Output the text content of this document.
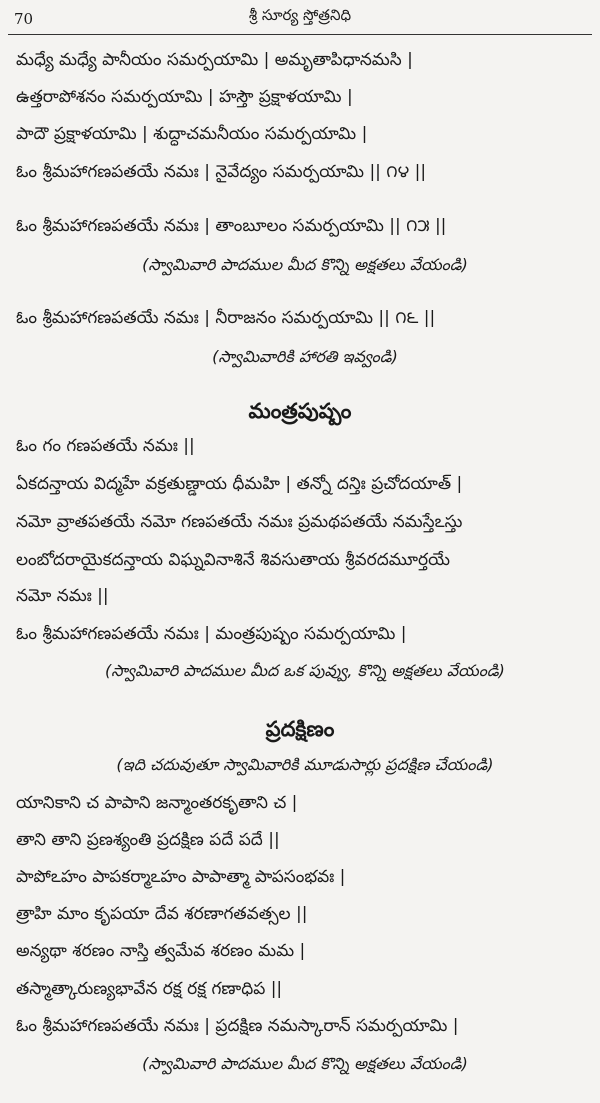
70	శ్రీ సూర్య స్తోత్రనిధి
మధ్యే మధ్యే పానీయం సమర్పయామి | అమృతాపిధానమసి |
ఉత్తరాపోశనం సమర్పయామి | హస్తౌ ప్రక్షాళయామి |
పాదౌ ప్రక్షాళయామి | శుద్ధాచమనీయం సమర్పయామి |
ఓం శ్రీమహాగణపతయే నమః | నైవేద్యం సమర్పయామి || ౧౪ ||
ఓం శ్రీమహాగణపతయే నమః | తాంబూలం సమర్పయామి || ౧౫ ||
(స్వామివారి పాదముల మీద కొన్ని అక్షతలు వేయండి)
ఓం శ్రీమహాగణపతయే నమః | నీరాజనం సమర్పయామి || ౧౬ ||
(స్వామివారికి హారతి ఇవ్వండి)
మంత్రపుష్పం
ఓం గం గణపతయే నమః ||
ఏకదన్తాయ విద్మహే వక్రతుణ్డాయ ధీమహి | తన్నో దన్తిః ప్రచోదయాత్ |
నమో వ్రాతపతయే నమో గణపతయే నమః ప్రమథపతయే నమస్తేఽస్తు
లంబోదరాయైకదన్తాయ విఘ్నవినాశినే శివసుతాయ శ్రీవరదమూర్తయే
నమో నమః ||
ఓం శ్రీమహాగణపతయే నమః | మంత్రపుష్పం సమర్పయామి |
(స్వామివారి పాదముల మీద ఒక పువ్వు, కొన్ని అక్షతలు వేయండి)
ప్రదక్షిణం
(ఇది చదువుతూ స్వామివారికి మూడుసార్లు ప్రదక్షిణ చేయండి)
యానికాని చ పాపాని జన్మాంతరకృతాని చ |
తాని తాని ప్రణశ్యంతి ప్రదక్షిణ పదే పదే ||
పాపోఽహం పాపకర్మాఽహం పాపాత్మా పాపసంభవః |
త్రాహి మాం కృపయా దేవ శరణాగతవత్సల ||
అన్యథా శరణం నాస్తి త్వమేవ శరణం మమ |
తస్మాత్కారుణ్యభావేన రక్ష రక్ష గణాధిప ||
ఓం శ్రీమహాగణపతయే నమః | ప్రదక్షిణ నమస్కారాన్ సమర్పయామి |
(స్వామివారి పాదముల మీద కొన్ని అక్షతలు వేయండి)
